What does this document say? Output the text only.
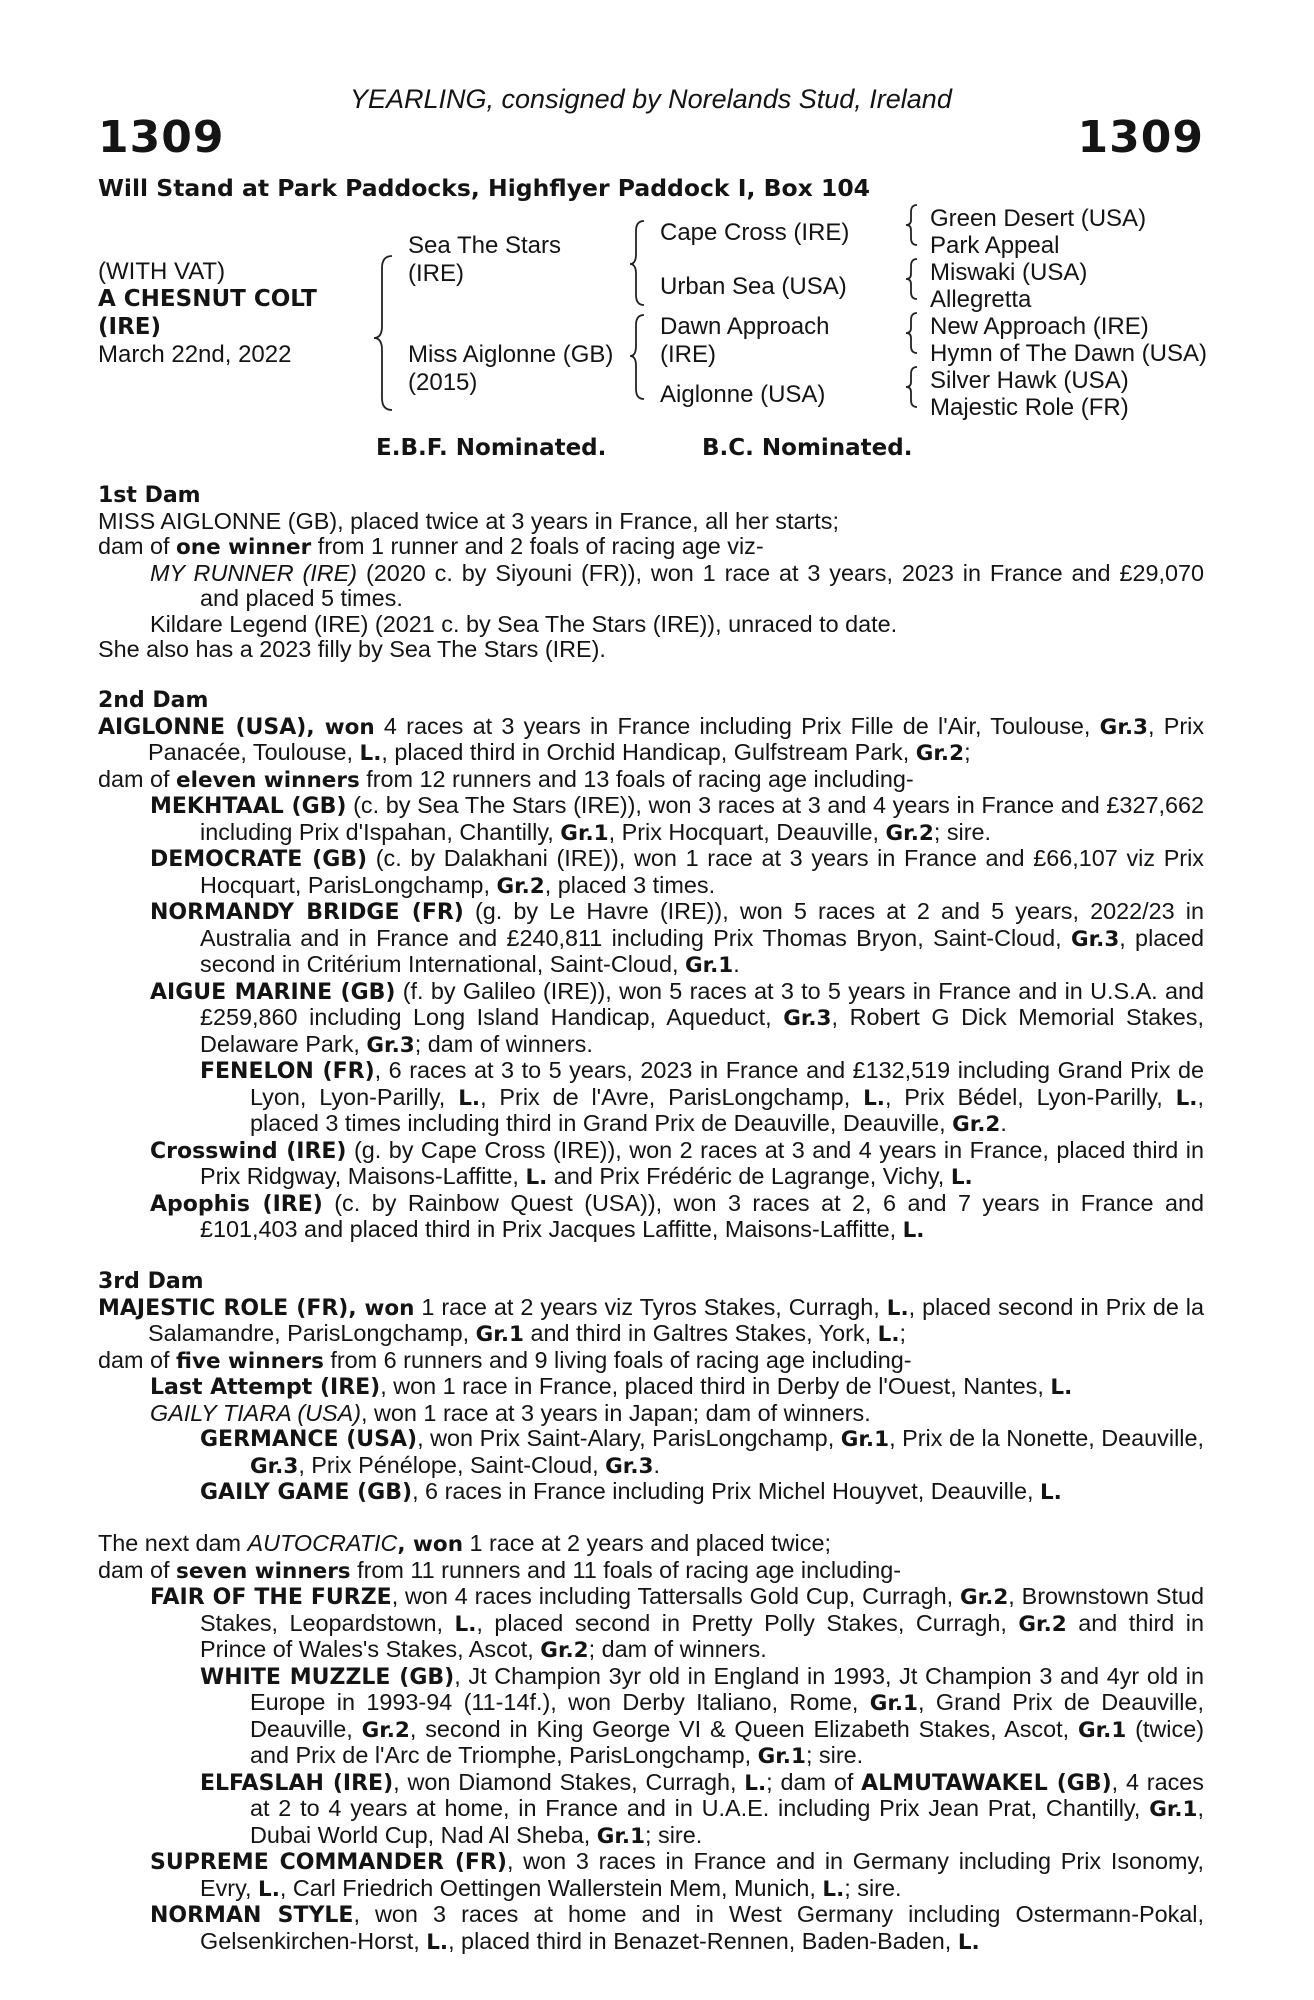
YEARLING, consigned by Norelands Stud, Ireland
1309	1309
Will Stand at Park Paddocks, Highflyer Paddock I, Box 104
(WITH VAT)
A CHESNUT COLT
(IRE)
March 22nd, 2022
Sea The Stars
(IRE)
Miss Aiglonne (GB)
(2015)
Cape Cross (IRE)
Urban Sea (USA)
Dawn Approach
(IRE)
Aiglonne (USA)
Green Desert (USA)
Park Appeal
Miswaki (USA)
Allegretta
New Approach (IRE)
Hymn of The Dawn (USA)
Silver Hawk (USA)
Majestic Role (FR)
E.B.F. Nominated.	B.C. Nominated.

1st Dam

MISS AIGLONNE (GB), placed twice at 3 years in France, all her starts;

dam of one winner from 1 runner and 2 foals of racing age viz-

MY RUNNER (IRE) (2020 c. by Siyouni (FR)), won 1 race at 3 years, 2023 in France and £29,070 and placed 5 times.

Kildare Legend (IRE) (2021 c. by Sea The Stars (IRE)), unraced to date.

She also has a 2023 filly by Sea The Stars (IRE).

2nd Dam

AIGLONNE (USA), won 4 races at 3 years in France including Prix Fille de l'Air, Toulouse, Gr.3, Prix Panacée, Toulouse, L., placed third in Orchid Handicap, Gulfstream Park, Gr.2;

dam of eleven winners from 12 runners and 13 foals of racing age including-

MEKHTAAL (GB) (c. by Sea The Stars (IRE)), won 3 races at 3 and 4 years in France and £327,662 including Prix d'Ispahan, Chantilly, Gr.1, Prix Hocquart, Deauville, Gr.2; sire.

DEMOCRATE (GB) (c. by Dalakhani (IRE)), won 1 race at 3 years in France and £66,107 viz Prix Hocquart, ParisLongchamp, Gr.2, placed 3 times.

NORMANDY BRIDGE (FR) (g. by Le Havre (IRE)), won 5 races at 2 and 5 years, 2022/23 in Australia and in France and £240,811 including Prix Thomas Bryon, Saint-Cloud, Gr.3, placed second in Critérium International, Saint-Cloud, Gr.1.

AIGUE MARINE (GB) (f. by Galileo (IRE)), won 5 races at 3 to 5 years in France and in U.S.A. and £259,860 including Long Island Handicap, Aqueduct, Gr.3, Robert G Dick Memorial Stakes, Delaware Park, Gr.3; dam of winners.

FENELON (FR), 6 races at 3 to 5 years, 2023 in France and £132,519 including Grand Prix de Lyon, Lyon-Parilly, L., Prix de l'Avre, ParisLongchamp, L., Prix Bédel, Lyon-Parilly, L., placed 3 times including third in Grand Prix de Deauville, Deauville, Gr.2.

Crosswind (IRE) (g. by Cape Cross (IRE)), won 2 races at 3 and 4 years in France, placed third in Prix Ridgway, Maisons-Laffitte, L. and Prix Frédéric de Lagrange, Vichy, L.

Apophis (IRE) (c. by Rainbow Quest (USA)), won 3 races at 2, 6 and 7 years in France and £101,403 and placed third in Prix Jacques Laffitte, Maisons-Laffitte, L.

3rd Dam

MAJESTIC ROLE (FR), won 1 race at 2 years viz Tyros Stakes, Curragh, L., placed second in Prix de la Salamandre, ParisLongchamp, Gr.1 and third in Galtres Stakes, York, L.;

dam of five winners from 6 runners and 9 living foals of racing age including-

Last Attempt (IRE), won 1 race in France, placed third in Derby de l'Ouest, Nantes, L.

GAILY TIARA (USA), won 1 race at 3 years in Japan; dam of winners.

GERMANCE (USA), won Prix Saint-Alary, ParisLongchamp, Gr.1, Prix de la Nonette, Deauville, Gr.3, Prix Pénélope, Saint-Cloud, Gr.3.

GAILY GAME (GB), 6 races in France including Prix Michel Houyvet, Deauville, L.

The next dam AUTOCRATIC, won 1 race at 2 years and placed twice;

dam of seven winners from 11 runners and 11 foals of racing age including-

FAIR OF THE FURZE, won 4 races including Tattersalls Gold Cup, Curragh, Gr.2, Brownstown Stud Stakes, Leopardstown, L., placed second in Pretty Polly Stakes, Curragh, Gr.2 and third in Prince of Wales's Stakes, Ascot, Gr.2; dam of winners.

WHITE MUZZLE (GB), Jt Champion 3yr old in England in 1993, Jt Champion 3 and 4yr old in Europe in 1993-94 (11-14f.), won Derby Italiano, Rome, Gr.1, Grand Prix de Deauville, Deauville, Gr.2, second in King George VI & Queen Elizabeth Stakes, Ascot, Gr.1 (twice) and Prix de l'Arc de Triomphe, ParisLongchamp, Gr.1; sire.

ELFASLAH (IRE), won Diamond Stakes, Curragh, L.; dam of ALMUTAWAKEL (GB), 4 races at 2 to 4 years at home, in France and in U.A.E. including Prix Jean Prat, Chantilly, Gr.1, Dubai World Cup, Nad Al Sheba, Gr.1; sire.

SUPREME COMMANDER (FR), won 3 races in France and in Germany including Prix Isonomy, Evry, L., Carl Friedrich Oettingen Wallerstein Mem, Munich, L.; sire.

NORMAN STYLE, won 3 races at home and in West Germany including Ostermann-Pokal, Gelsenkirchen-Horst, L., placed third in Benazet-Rennen, Baden-Baden, L.
